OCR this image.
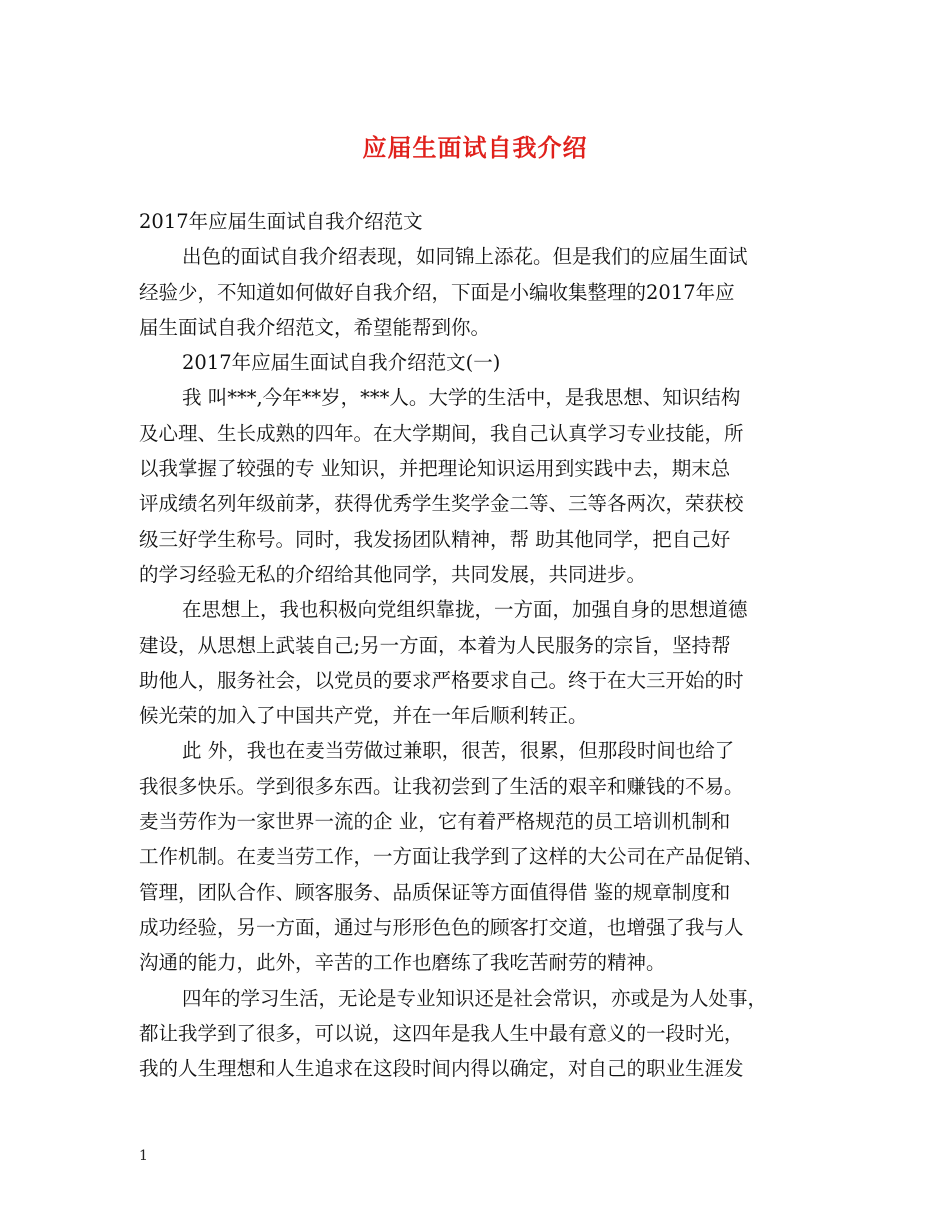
应届生面试自我介绍
2017年应届生面试自我介绍范文
出色的面试自我介绍表现，如同锦上添花。但是我们的应届生面试
经验少，不知道如何做好自我介绍，下面是小编收集整理的2017年应
届生面试自我介绍范文，希望能帮到你。
2017年应届生面试自我介绍范文(一)
我 叫***,今年**岁，***人。大学的生活中，是我思想、知识结构
及心理、生长成熟的四年。在大学期间，我自己认真学习专业技能，所
以我掌握了较强的专 业知识，并把理论知识运用到实践中去，期末总
评成绩名列年级前茅，获得优秀学生奖学金二等、三等各两次，荣获校
级三好学生称号。同时，我发扬团队精神，帮 助其他同学，把自己好
的学习经验无私的介绍给其他同学，共同发展，共同进步。
在思想上，我也积极向党组织靠拢，一方面，加强自身的思想道德
建设，从思想上武装自己;另一方面，本着为人民服务的宗旨，坚持帮
助他人，服务社会，以党员的要求严格要求自己。终于在大三开始的时
候光荣的加入了中国共产党，并在一年后顺利转正。
此 外，我也在麦当劳做过兼职，很苦，很累，但那段时间也给了
我很多快乐。学到很多东西。让我初尝到了生活的艰辛和赚钱的不易。
麦当劳作为一家世界一流的企 业，它有着严格规范的员工培训机制和
工作机制。在麦当劳工作，一方面让我学到了这样的大公司在产品促销、
管理，团队合作、顾客服务、品质保证等方面值得借 鉴的规章制度和
成功经验，另一方面，通过与形形色色的顾客打交道，也增强了我与人
沟通的能力，此外，辛苦的工作也磨练了我吃苦耐劳的精神。
四年的学习生活，无论是专业知识还是社会常识，亦或是为人处事，
都让我学到了很多，可以说，这四年是我人生中最有意义的一段时光，
我的人生理想和人生追求在这段时间内得以确定，对自己的职业生涯发
1
